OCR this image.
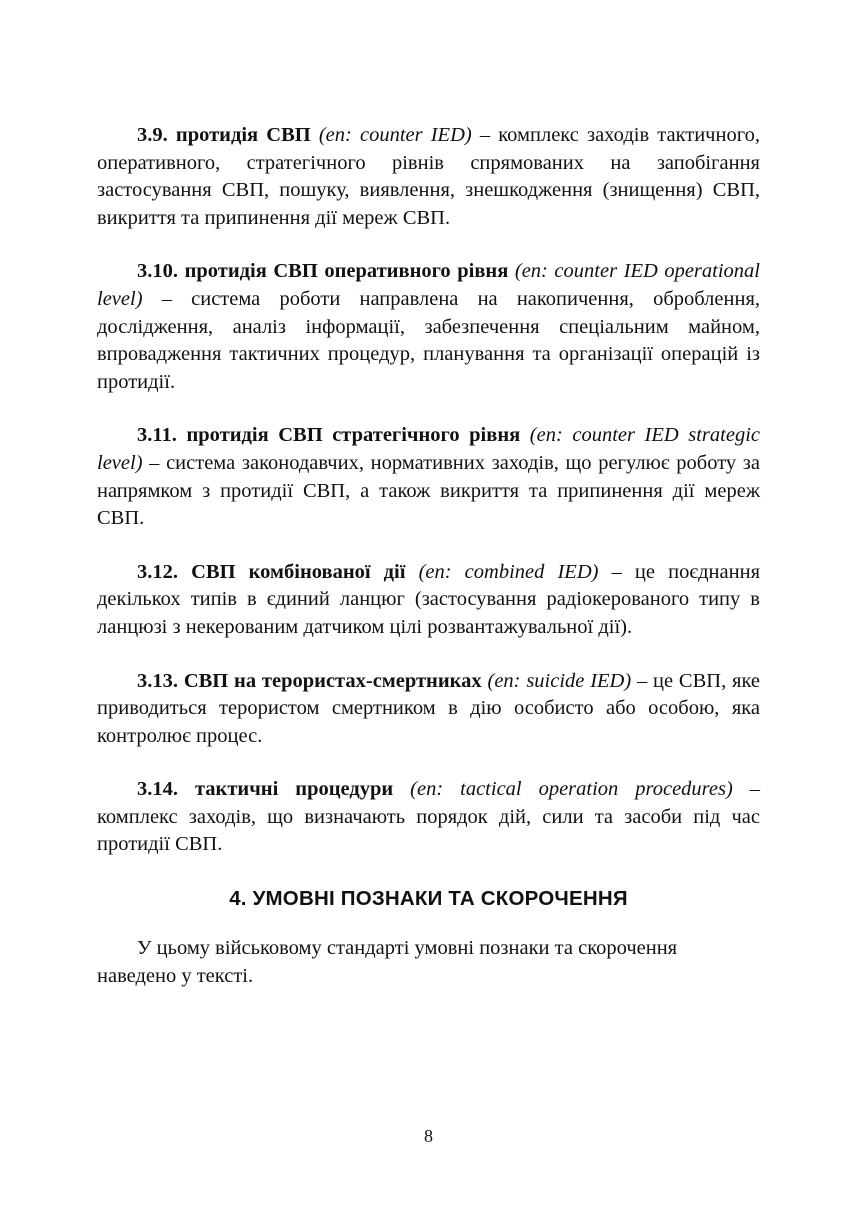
3.9. протидія СВП (en: counter IED) – комплекс заходів тактичного, оперативного, стратегічного рівнів спрямованих на запобігання застосування СВП, пошуку, виявлення, знешкодження (знищення) СВП, викриття та припинення дії мереж СВП.

3.10. протидія СВП оперативного рівня (en: counter IED operational level) – система роботи направлена на накопичення, оброблення, дослідження, аналіз інформації, забезпечення спеціальним майном, впровадження тактичних процедур, планування та організації операцій із протидії.

3.11. протидія СВП стратегічного рівня (en: counter IED strategic level) – система законодавчих, нормативних заходів, що регулює роботу за напрямком з протидії СВП, а також викриття та припинення дії мереж СВП.

3.12. СВП комбінованої дії (en: combined IED) – це поєднання декількох типів в єдиний ланцюг (застосування радіокерованого типу в ланцюзі з некерованим датчиком цілі розвантажувальної дії).

3.13. СВП на терористах-смертниках (en: suicide IED) – це СВП, яке приводиться терористом смертником в дію особисто або особою, яка контролює процес.

3.14. тактичні процедури (en: tactical operation procedures) – комплекс заходів, що визначають порядок дій, сили та засоби під час протидії СВП.

4. УМОВНІ ПОЗНАКИ ТА СКОРОЧЕННЯ

У цьому військовому стандарті умовні познаки та скорочення наведено у тексті.

8
